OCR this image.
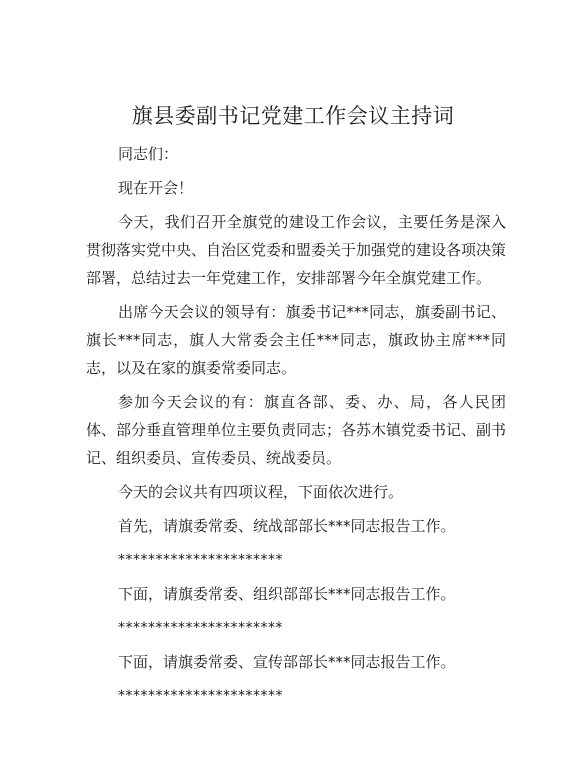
旗县委副书记党建工作会议主持词

同志们：

现在开会！

今天，我们召开全旗党的建设工作会议，主要任务是深入贯彻落实党中央、自治区党委和盟委关于加强党的建设各项决策部署，总结过去一年党建工作，安排部署今年全旗党建工作。

出席今天会议的领导有：旗委书记***同志，旗委副书记、旗长***同志，旗人大常委会主任***同志，旗政协主席***同志，以及在家的旗委常委同志。

参加今天会议的有：旗直各部、委、办、局，各人民团体、部分垂直管理单位主要负责同志；各苏木镇党委书记、副书记、组织委员、宣传委员、统战委员。

今天的会议共有四项议程，下面依次进行。

首先，请旗委常委、统战部部长***同志报告工作。

**********************

下面，请旗委常委、组织部部长***同志报告工作。

**********************

下面，请旗委常委、宣传部部长***同志报告工作。

**********************
